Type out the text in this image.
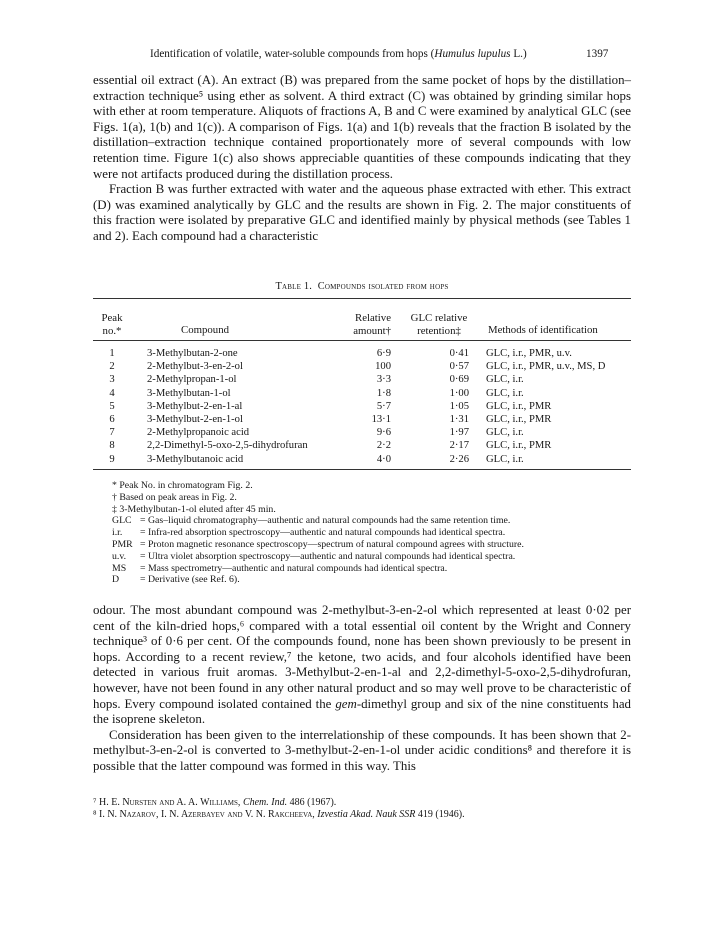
Identification of volatile, water-soluble compounds from hops (Humulus lupulus L.)	1397

essential oil extract (A). An extract (B) was prepared from the same pocket of hops by the distillation–extraction technique⁵ using ether as solvent. A third extract (C) was obtained by grinding similar hops with ether at room temperature. Aliquots of fractions A, B and C were examined by analytical GLC (see Figs. 1(a), 1(b) and 1(c)). A comparison of Figs. 1(a) and 1(b) reveals that the fraction B isolated by the distillation–extraction technique contained proportionately more of several compounds with low retention time. Figure 1(c) also shows appreciable quantities of these compounds indicating that they were not artifacts produced during the distillation process.

Fraction B was further extracted with water and the aqueous phase extracted with ether. This extract (D) was examined analytically by GLC and the results are shown in Fig. 2. The major constituents of this fraction were isolated by preparative GLC and identified mainly by physical methods (see Tables 1 and 2). Each compound had a characteristic

Table 1. Compounds isolated from hops
Peak
no.*	Compound
Relative
amount†
GLC relative
retention‡	Methods of identification
1	3-Methylbutan-2-one	6·9	0·41 GLC, i.r., PMR, u.v.
2	2-Methylbut-3-en-2-ol	100	0·57 GLC, i.r., PMR, u.v., MS, D
3	2-Methylpropan-1-ol	3·3	0·69 GLC, i.r.
4	3-Methylbutan-1-ol	1·8	1·00 GLC, i.r.
5	3-Methylbut-2-en-1-al	5·7	1·05 GLC, i.r., PMR
6	3-Methylbut-2-en-1-ol	13·1	1·31 GLC, i.r., PMR
7	2-Methylpropanoic acid	9·6	1·97 GLC, i.r.
8	2,2-Dimethyl-5-oxo-2,5-dihydrofuran	2·2	2·17 GLC, i.r., PMR
9	3-Methylbutanoic acid	4·0	2·26 GLC, i.r.
* Peak No. in chromatogram Fig. 2.
† Based on peak areas in Fig. 2.
‡ 3-Methylbutan-1-ol eluted after 45 min.
GLC = Gas–liquid chromatography—authentic and natural compounds had the same retention time.
i.r.	= Infra-red absorption spectroscopy—authentic and natural compounds had identical spectra.
PMR = Proton magnetic resonance spectroscopy—spectrum of natural compound agrees with structure.
u.v.	= Ultra violet absorption spectroscopy—authentic and natural compounds had identical spectra.
MS	= Mass spectrometry—authentic and natural compounds had identical spectra.
D	= Derivative (see Ref. 6).

odour. The most abundant compound was 2-methylbut-3-en-2-ol which represented at least 0·02 per cent of the kiln-dried hops,⁶ compared with a total essential oil content by the Wright and Connery technique³ of 0·6 per cent. Of the compounds found, none has been shown previously to be present in hops. According to a recent review,⁷ the ketone, two acids, and four alcohols identified have been detected in various fruit aromas. 3-Methylbut-2-en-1-al and 2,2-dimethyl-5-oxo-2,5-dihydrofuran, however, have not been found in any other natural product and so may well prove to be characteristic of hops. Every compound isolated contained the gem-dimethyl group and six of the nine constituents had the isoprene skeleton.

Consideration has been given to the interrelationship of these compounds. It has been shown that 2-methylbut-3-en-2-ol is converted to 3-methylbut-2-en-1-ol under acidic conditions⁸ and therefore it is possible that the latter compound was formed in this way. This

⁷ H. E. Nursten and A. A. Williams, Chem. Ind. 486 (1967).
⁸ I. N. Nazarov, I. N. Azerbayev and V. N. Rakcheeva, Izvestia Akad. Nauk SSR 419 (1946).
